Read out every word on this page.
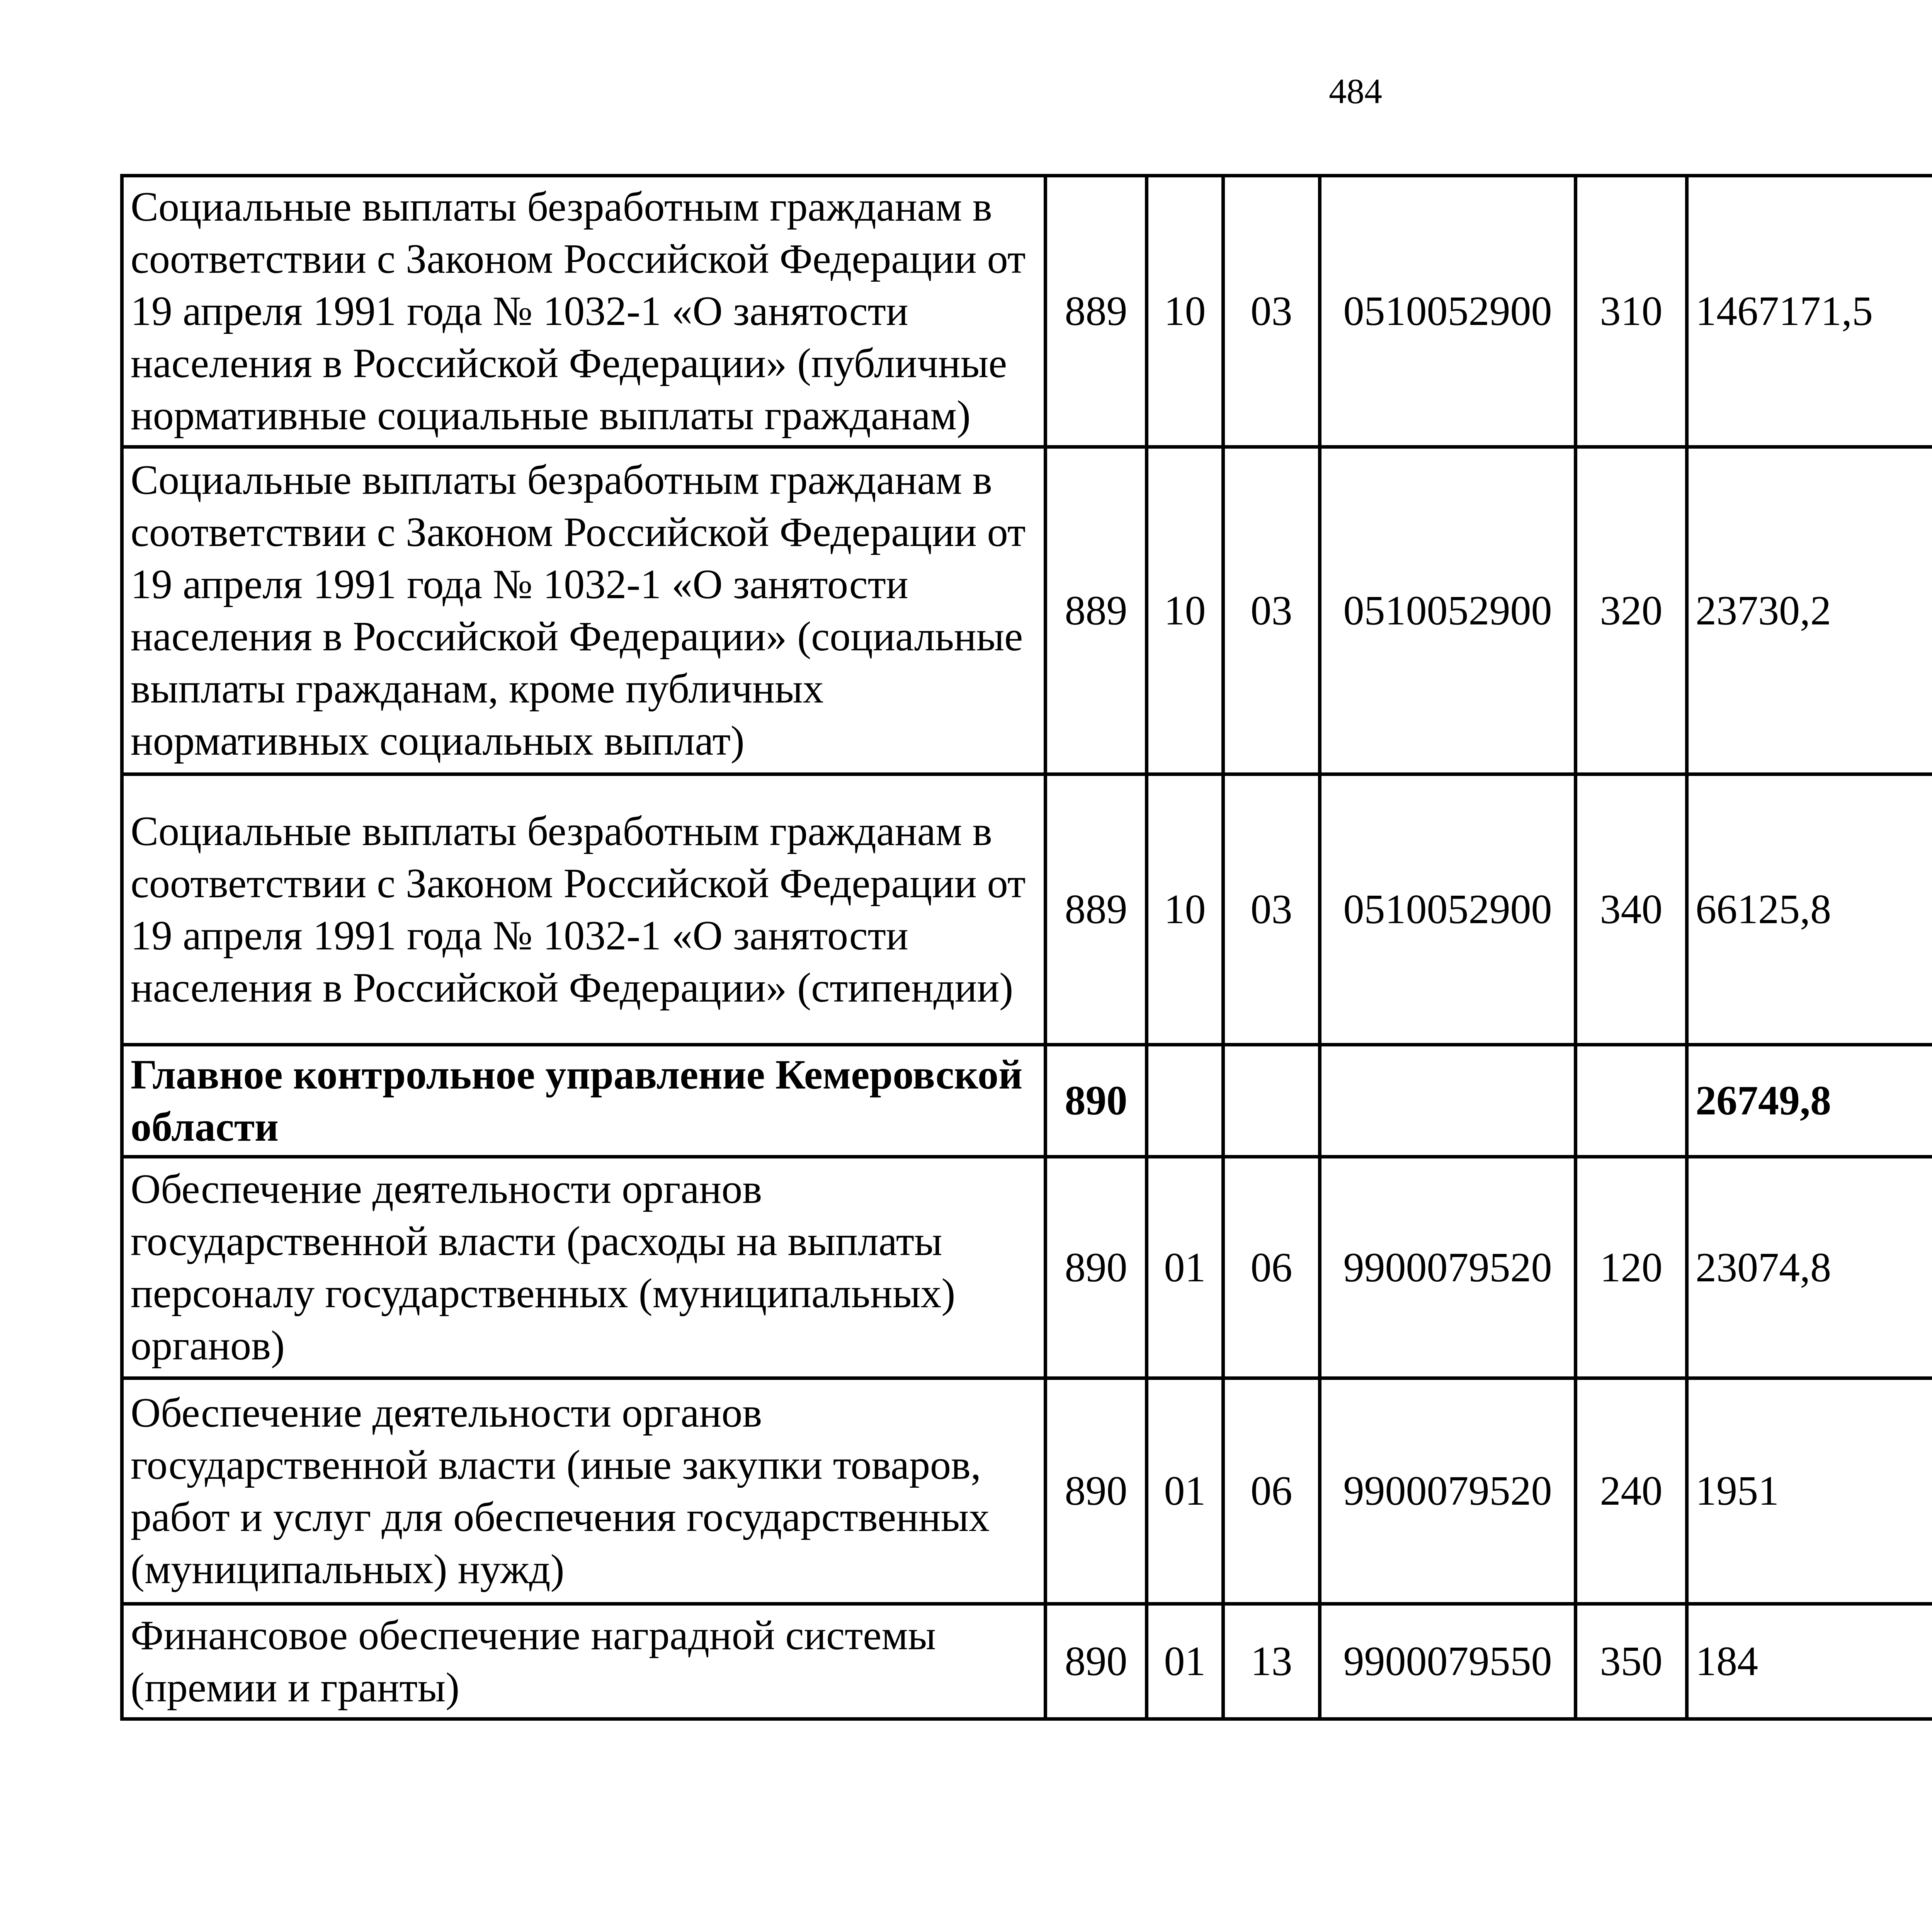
484
Социальные выплаты безработным гражданам в соответствии с Законом Российской Федерации от 19 апреля 1991 года № 1032-1 «О занятости населения в Российской Федерации» (публичные нормативные социальные выплаты гражданам)	889	10	03	0510052900	310	1467171,5		
Социальные выплаты безработным гражданам в соответствии с Законом Российской Федерации от 19 апреля 1991 года № 1032-1 «О занятости населения в Российской Федерации» (социальные выплаты гражданам, кроме публичных нормативных социальных выплат)	889	10	03	0510052900	320	23730,2		
Социальные выплаты безработным гражданам в соответствии с Законом Российской Федерации от 19 апреля 1991 года № 1032-1 «О занятости населения в Российской Федерации» (стипендии)	889	10	03	0510052900	340	66125,8		
Главное контрольное управление Кемеровской области	890					26749,8		
Обеспечение деятельности органов государственной власти (расходы на выплаты персоналу государственных (муниципальных) органов)	890	01	06	9900079520	120	23074,8		
Обеспечение деятельности органов государственной власти (иные закупки товаров, работ и услуг для обеспечения государственных (муниципальных) нужд)	890	01	06	9900079520	240	1951		
Финансовое обеспечение наградной системы (премии и гранты)	890	01	13	9900079550	350	184		
